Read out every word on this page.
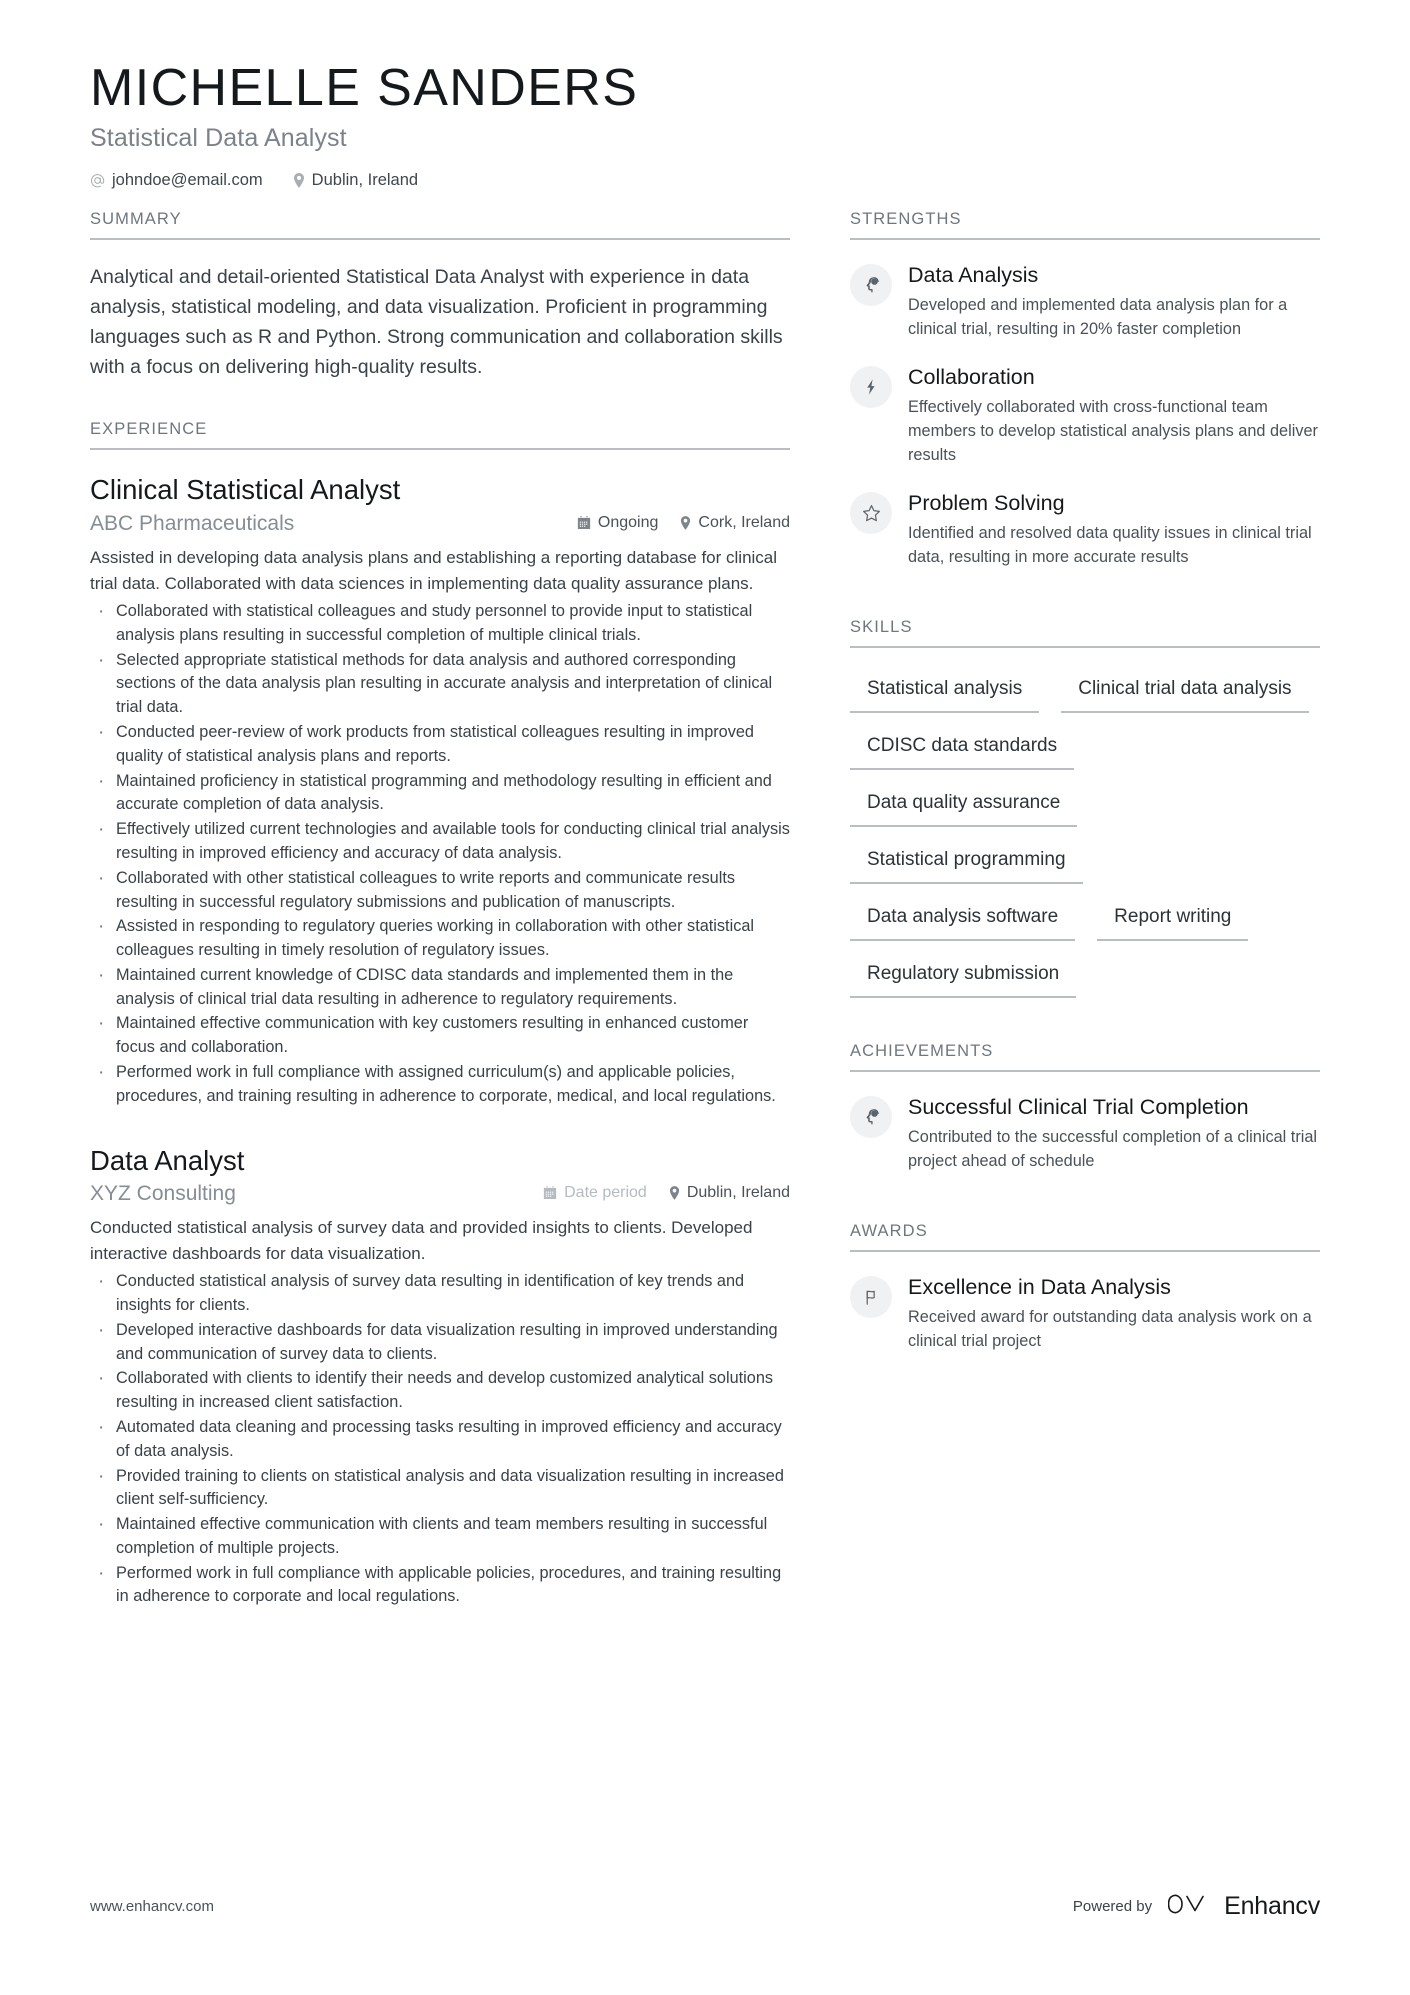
MICHELLE SANDERS
Statistical Data Analyst
johndoe@email.com	Dublin, Ireland
SUMMARY

Analytical and detail-oriented Statistical Data Analyst with experience in data analysis, statistical modeling, and data visualization. Proficient in programming languages such as R and Python. Strong communication and collaboration skills with a focus on delivering high-quality results.

EXPERIENCE
Clinical Statistical Analyst
ABC Pharmaceuticals	Ongoing	Cork, Ireland

Assisted in developing data analysis plans and establishing a reporting database for clinical trial data. Collaborated with data sciences in implementing data quality assurance plans.

· Collaborated with statistical colleagues and study personnel to provide input to statistical analysis plans resulting in successful completion of multiple clinical trials.
· Selected appropriate statistical methods for data analysis and authored corresponding sections of the data analysis plan resulting in accurate analysis and interpretation of clinical trial data.
· Conducted peer-review of work products from statistical colleagues resulting in improved quality of statistical analysis plans and reports.
· Maintained proficiency in statistical programming and methodology resulting in efficient and accurate completion of data analysis.
· Effectively utilized current technologies and available tools for conducting clinical trial analysis resulting in improved efficiency and accuracy of data analysis.
· Collaborated with other statistical colleagues to write reports and communicate results resulting in successful regulatory submissions and publication of manuscripts.
· Assisted in responding to regulatory queries working in collaboration with other statistical colleagues resulting in timely resolution of regulatory issues.
· Maintained current knowledge of CDISC data standards and implemented them in the analysis of clinical trial data resulting in adherence to regulatory requirements.
· Maintained effective communication with key customers resulting in enhanced customer focus and collaboration.
· Performed work in full compliance with assigned curriculum(s) and applicable policies, procedures, and training resulting in adherence to corporate, medical, and local regulations.
Data Analyst
XYZ Consulting	Date period	Dublin, Ireland

Conducted statistical analysis of survey data and provided insights to clients. Developed interactive dashboards for data visualization.

· Conducted statistical analysis of survey data resulting in identification of key trends and insights for clients.
· Developed interactive dashboards for data visualization resulting in improved understanding and communication of survey data to clients.
· Collaborated with clients to identify their needs and develop customized analytical solutions resulting in increased client satisfaction.
· Automated data cleaning and processing tasks resulting in improved efficiency and accuracy of data analysis.
· Provided training to clients on statistical analysis and data visualization resulting in increased client self-sufficiency.
· Maintained effective communication with clients and team members resulting in successful completion of multiple projects.
· Performed work in full compliance with applicable policies, procedures, and training resulting in adherence to corporate and local regulations.
STRENGTHS
Data Analysis
Developed and implemented data analysis plan for a clinical trial, resulting in 20% faster completion
Collaboration
Effectively collaborated with cross-functional team members to develop statistical analysis plans and deliver results
Problem Solving
Identified and resolved data quality issues in clinical trial data, resulting in more accurate results
SKILLS
Statistical analysis	Clinical trial data analysis
CDISC data standards
Data quality assurance
Statistical programming
Data analysis software	Report writing
Regulatory submission
ACHIEVEMENTS
Successful Clinical Trial Completion
Contributed to the successful completion of a clinical trial project ahead of schedule
AWARDS
Excellence in Data Analysis
Received award for outstanding data analysis work on a clinical trial project
www.enhancv.com	Powered by	Enhancv
